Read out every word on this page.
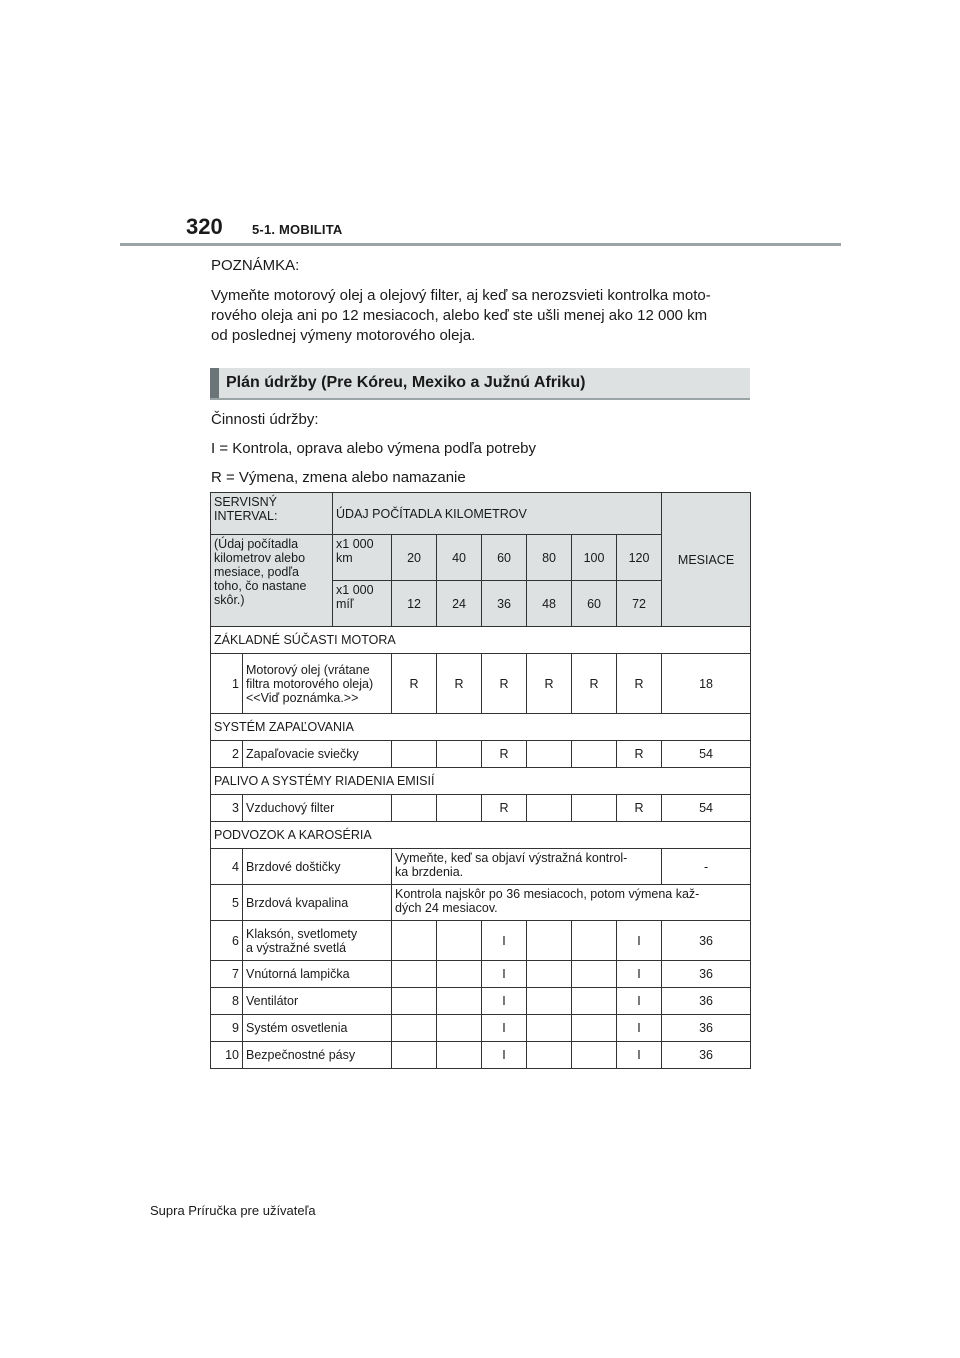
320	5-1. MOBILITA

POZNÁMKA:

Vymeňte motorový olej a olejový filter, aj keď sa nerozsvieti kontrolka moto-
rového oleja ani po 12 mesiacoch, alebo keď ste ušli menej ako 12 000 km
od poslednej výmeny motorového oleja.

Plán údržby (Pre Kóreu, Mexiko a Južnú Afriku)

Činnosti údržby:

I = Kontrola, oprava alebo výmena podľa potreby

R = Výmena, zmena alebo namazanie

SERVISNÝ
INTERVAL:		ÚDAJ POČÍTADLA KILOMETROV							MESIACE
(Údaj počítadla
kilometrov alebo
mesiace, podľa
toho, čo nastane
skôr.)		x1 000
km	20	40	60	80	100	120	
		x1 000
míľ	12	24	36	48	60	72	
ZÁKLADNÉ SÚČASTI MOTORA									
1	Motorový olej (vrátane
filtra motorového oleja)
<<Viď poznámka.>>		R	R	R	R	R	R	18
SYSTÉM ZAPAĽOVANIA									
2	Zapaľovacie sviečky				R			R	54
PALIVO A SYSTÉMY RIADENIA EMISIÍ									
3	Vzduchový filter				R			R	54
PODVOZOK A KAROSÉRIA									
4	Brzdové doštičky		Vymeňte, keď sa objaví výstražná kontrol-
ka brzdenia.						-
5	Brzdová kvapalina		Kontrola najskôr po 36 mesiacoch, potom výmena kaž-
dých 24 mesiacov.						
6	Klaksón, svetlomety
a výstražné svetlá				I			I	36
7	Vnútorná lampička				I			I	36
8	Ventilátor				I			I	36
9	Systém osvetlenia				I			I	36
10	Bezpečnostné pásy				I			I	36
Supra Príručka pre užívateľa
